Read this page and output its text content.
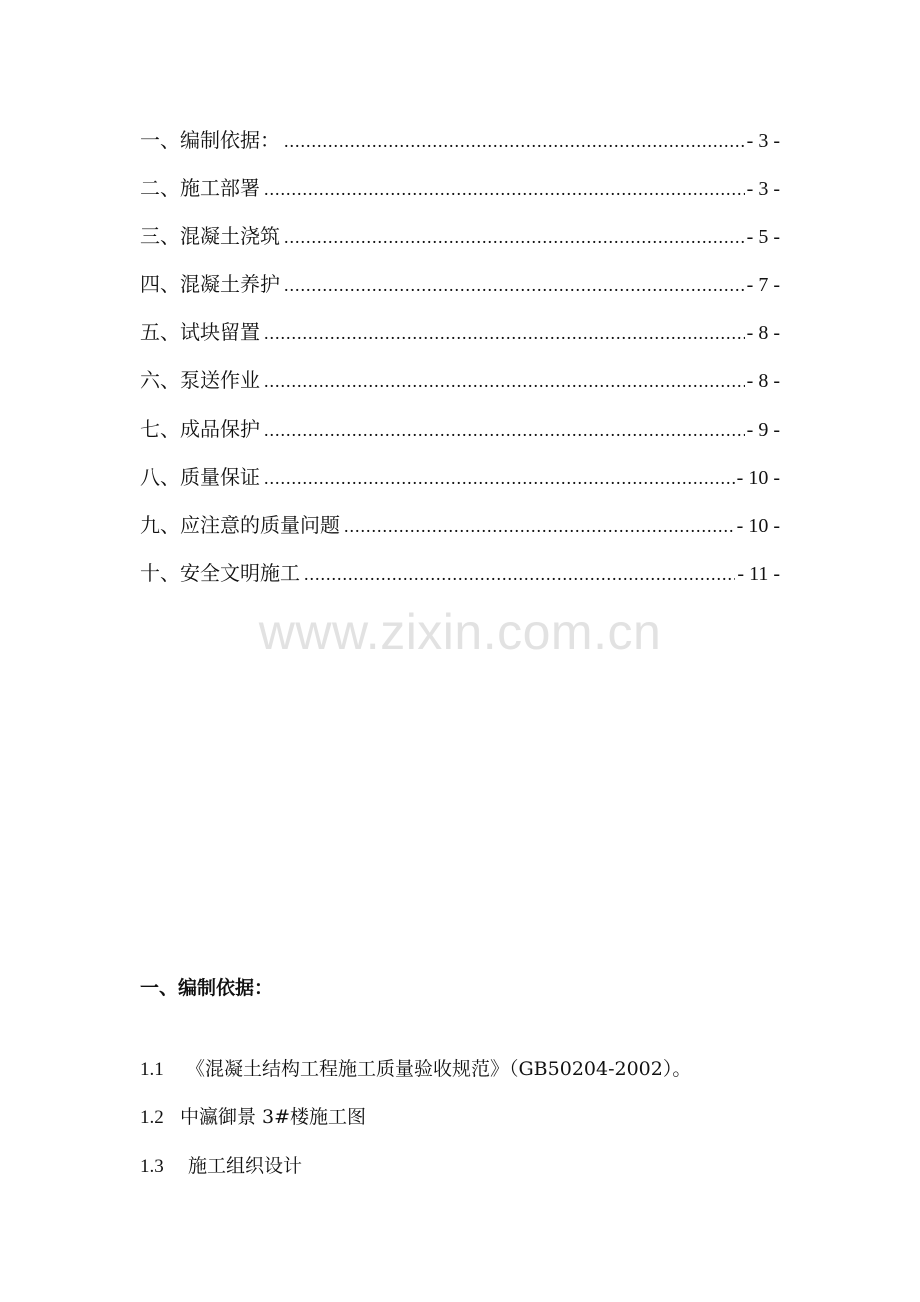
一、编制依据： .....	- 3 -
二、施工部署 .....	- 3 -
三、混凝土浇筑 .....	- 5 -
四、混凝土养护 .....	- 7 -
五、试块留置 .....	- 8 -
六、泵送作业 .....	- 8 -
七、成品保护 .....	- 9 -
八、质量保证 .....	- 10 -
九、应注意的质量问题 .....	- 10 -
十、安全文明施工 .....	- 11 -
www.zixin.com.cn
一、编制依据：
1.1 《混凝土结构工程施工质量验收规范》（GB50204-2002）。
1.2 中瀛御景 3#楼施工图
1.3 施工组织设计
